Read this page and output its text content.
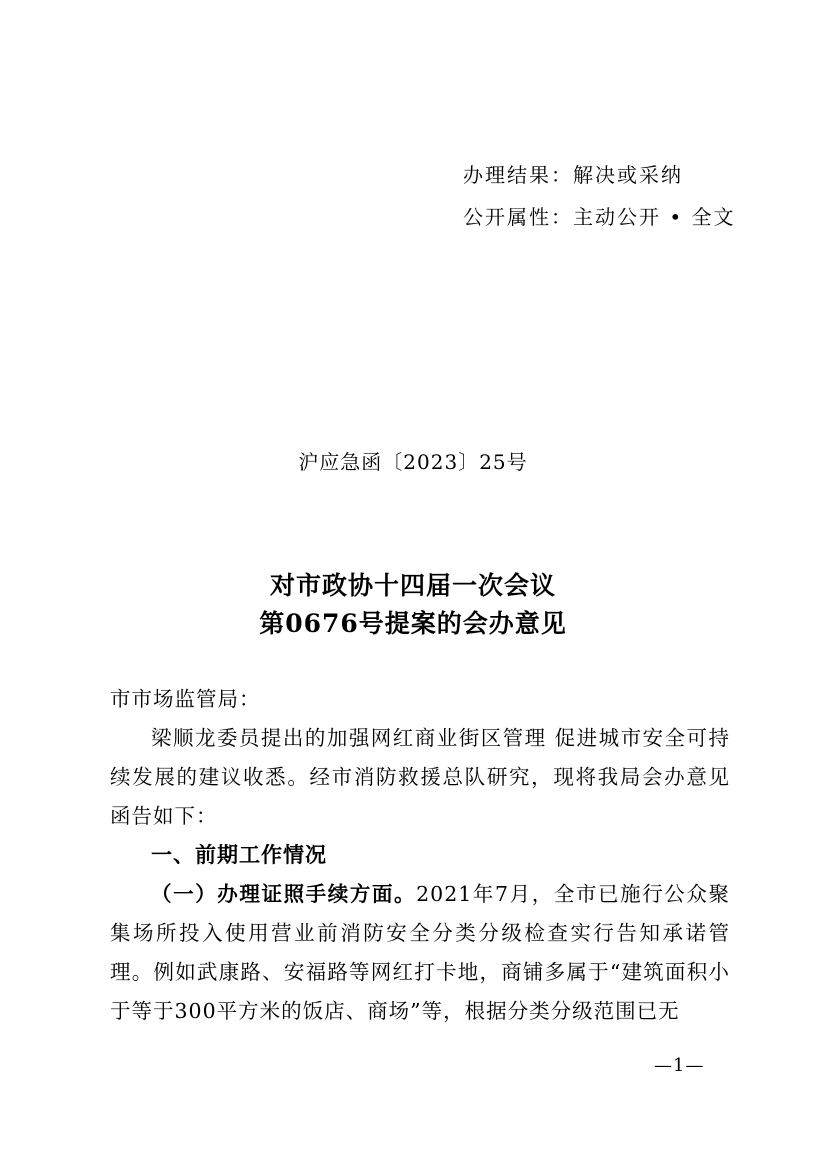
办理结果：解决或采纳
公开属性：主动公开 • 全文
沪应急函〔2023〕25号
对市政协十四届一次会议
第0676号提案的会办意见
市市场监管局：
梁顺龙委员提出的加强网红商业街区管理 促进城市安全可持续发展的建议收悉。经市消防救援总队研究，现将我局会办意见函告如下：
一、前期工作情况
（一）办理证照手续方面。2021年7月，全市已施行公众聚集场所投入使用营业前消防安全分类分级检查实行告知承诺管理。例如武康路、安福路等网红打卡地，商铺多属于“建筑面积小于等于300平方米的饭店、商场”等，根据分类分级范围已无
—1—
